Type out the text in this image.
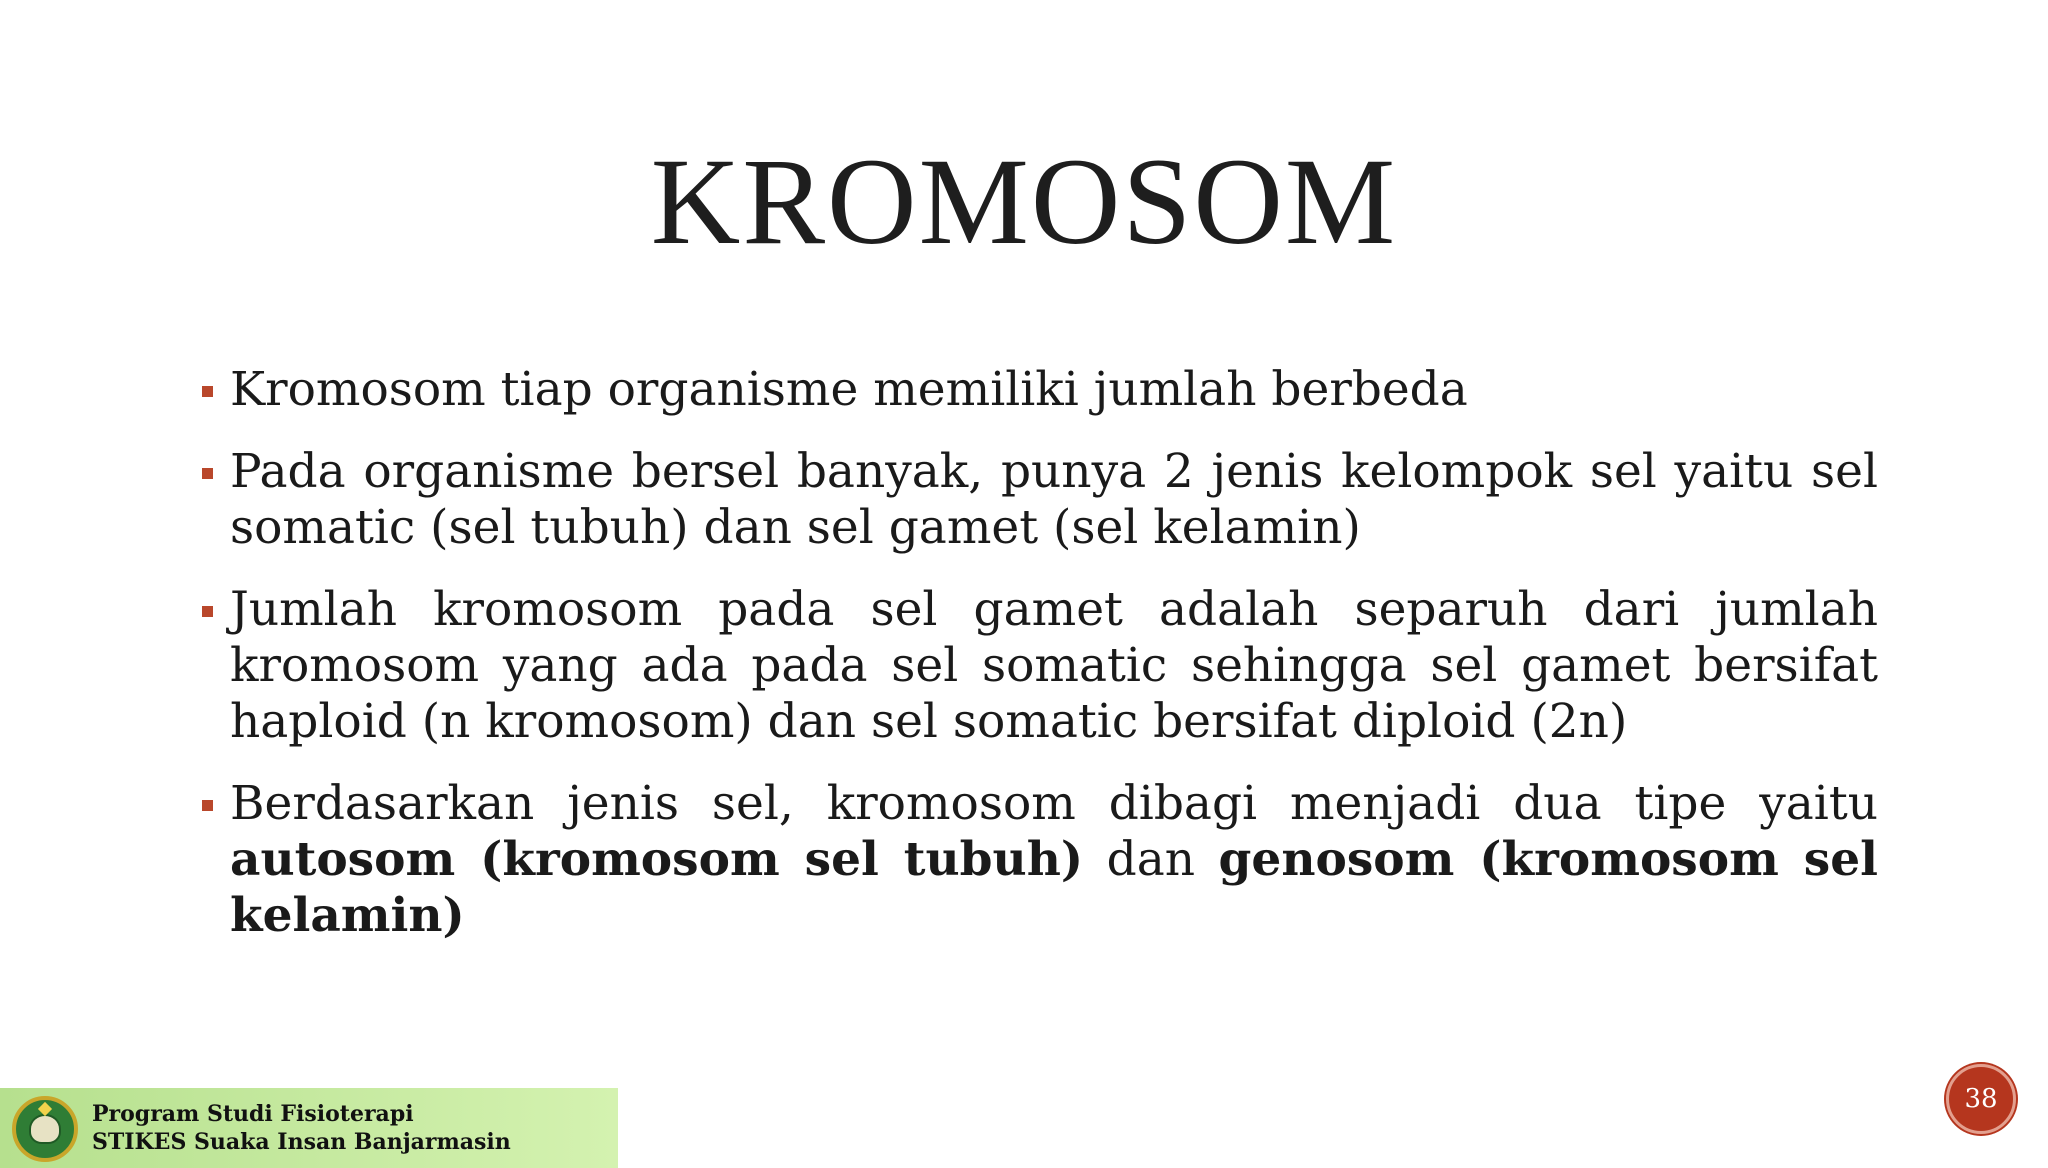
KROMOSOM
Kromosom tiap organisme memiliki jumlah berbeda
Pada organisme bersel banyak, punya 2 jenis kelompok sel yaitu sel somatic (sel tubuh) dan sel gamet (sel kelamin)
Jumlah kromosom pada sel gamet adalah separuh dari jumlah kromosom yang ada pada sel somatic sehingga sel gamet bersifat haploid (n kromosom) dan sel somatic bersifat diploid (2n)
Berdasarkan jenis sel, kromosom dibagi menjadi dua tipe yaitu autosom (kromosom sel tubuh) dan genosom (kromosom sel kelamin)
Program Studi Fisioterapi
STIKES Suaka Insan Banjarmasin
38
